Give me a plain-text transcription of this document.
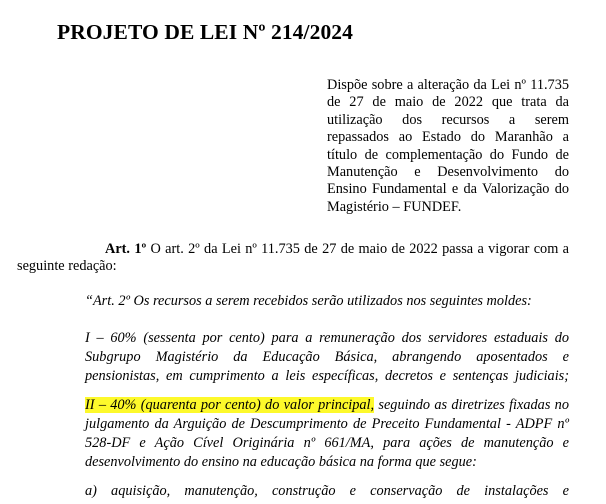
PROJETO DE LEI Nº 214/2024
Dispõe sobre a alteração da Lei nº 11.735
de 27 de maio de 2022 que trata da
utilização dos recursos a serem
repassados ao Estado do Maranhão a
título de complementação do Fundo de
Manutenção e Desenvolvimento do
Ensino Fundamental e da Valorização do
Magistério – FUNDEF.
Art. 1º O art. 2º da Lei nº 11.735 de 27 de maio de 2022 passa a vigorar com a
seguinte redação:
“Art. 2º Os recursos a serem recebidos serão utilizados nos seguintes moldes:
I – 60% (sessenta por cento) para a remuneração dos servidores estaduais do
Subgrupo Magistério da Educação Básica, abrangendo aposentados e
pensionistas, em cumprimento a leis específicas, decretos e sentenças judiciais;
II – 40% (quarenta por cento) do valor principal, seguindo as diretrizes fixadas no
julgamento da Arguição de Descumprimento de Preceito Fundamental - ADPF nº
528-DF e Ação Cível Originária nº 661/MA, para ações de manutenção e
desenvolvimento do ensino na educação básica na forma que segue:
a) aquisição, manutenção, construção e conservação de instalações e
